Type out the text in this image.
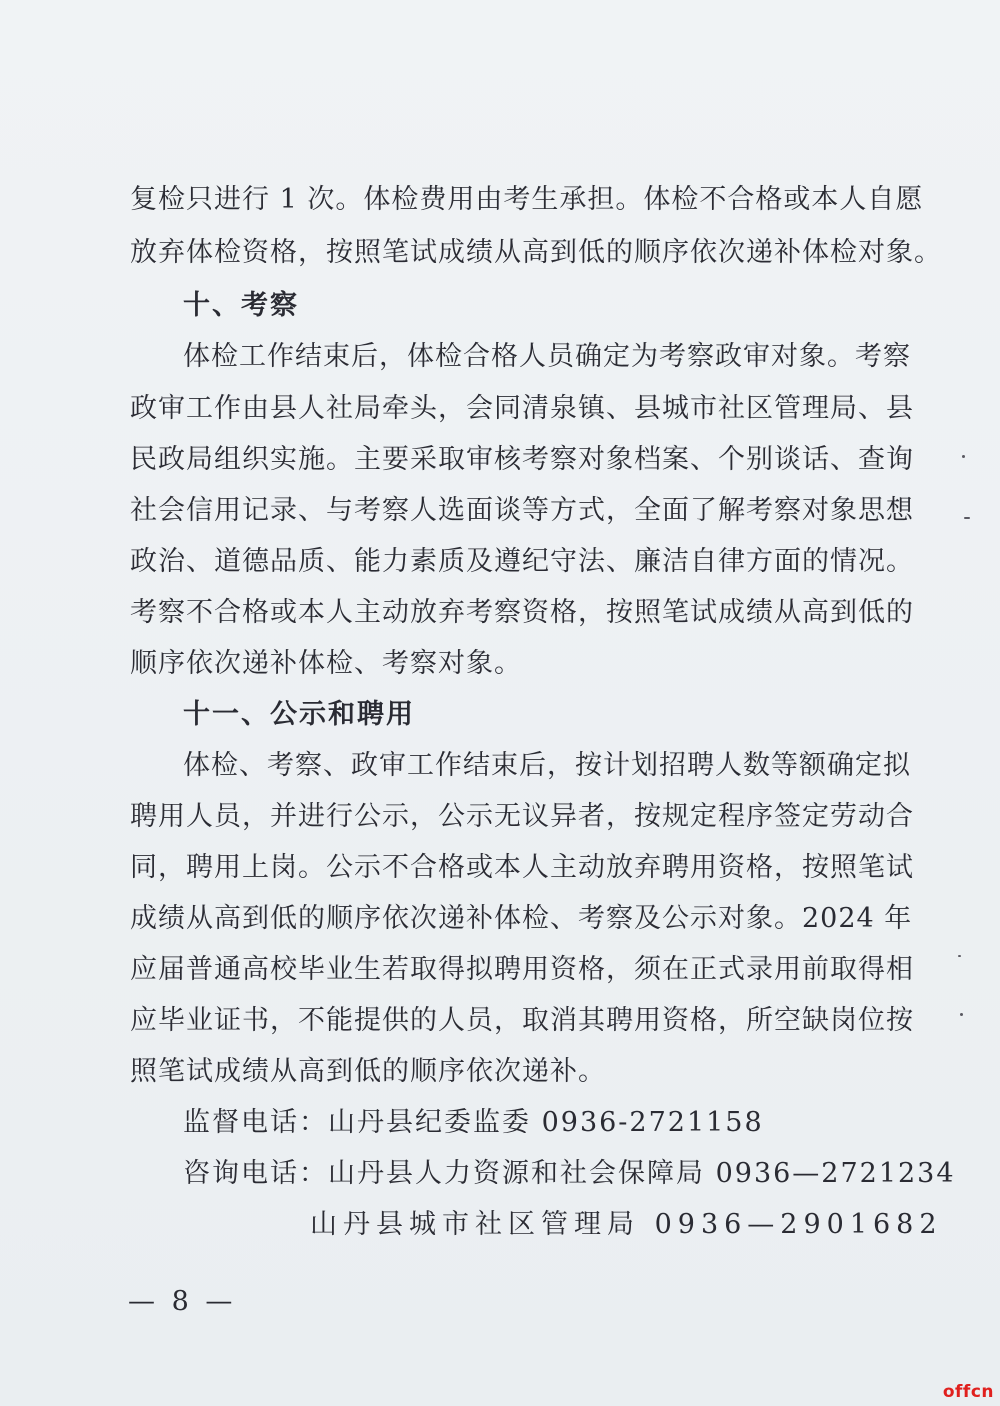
复检只进行 1 次。体检费用由考生承担。体检不合格或本人自愿
放弃体检资格，按照笔试成绩从高到低的顺序依次递补体检对象。
十、考察
体检工作结束后，体检合格人员确定为考察政审对象。考察
政审工作由县人社局牵头，会同清泉镇、县城市社区管理局、县
民政局组织实施。主要采取审核考察对象档案、个别谈话、查询
社会信用记录、与考察人选面谈等方式，全面了解考察对象思想
政治、道德品质、能力素质及遵纪守法、廉洁自律方面的情况。
考察不合格或本人主动放弃考察资格，按照笔试成绩从高到低的
顺序依次递补体检、考察对象。
十一、公示和聘用
体检、考察、政审工作结束后，按计划招聘人数等额确定拟
聘用人员，并进行公示，公示无议异者，按规定程序签定劳动合
同，聘用上岗。公示不合格或本人主动放弃聘用资格，按照笔试
成绩从高到低的顺序依次递补体检、考察及公示对象。2024 年
应届普通高校毕业生若取得拟聘用资格，须在正式录用前取得相
应毕业证书，不能提供的人员，取消其聘用资格，所空缺岗位按
照笔试成绩从高到低的顺序依次递补。
监督电话：山丹县纪委监委 0936-2721158
咨询电话：山丹县人力资源和社会保障局 0936—2721234
山丹县城市社区管理局 0936—2901682
— 8 —
offcn
